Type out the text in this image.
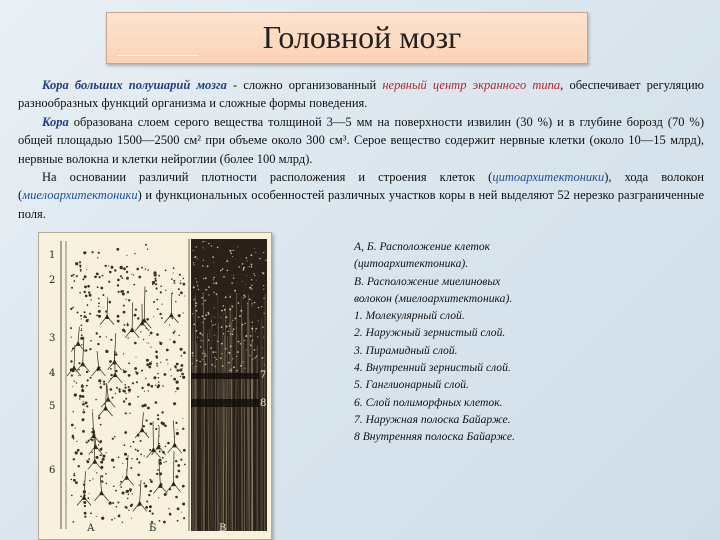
Головной мозг

Кора больших полушарий мозга - сложно организованный нервный центр экранного типа, обеспечивает регуляцию разнообразных функций организма и сложные формы поведения.

Кора образована слоем серого вещества толщиной 3—5 мм на поверхности извилин (30 %) и в глубине борозд (70 %) общей площадью 1500—2500 см² при объеме около 300 см³. Серое вещество содержит нервные клетки (около 10—15 млрд), нервные волокна и клетки нейроглии (более 100 млрд).

На основании различий плотности расположения и строения клеток (цитоархитектоники), хода волокон (миелоархитектоники) и функциональных особенностей различных участков коры в ней выделяют 52 нерезко разграниченные поля.

1
2
3
4
5
6
7
8
А	Б	В
А, Б. Расположение клеток
(цитоархитектоника).
В. Расположение миелиновых
волокон (миелоархитектоника).
1. Молекулярный слой.
2. Наружный зернистый слой.
3. Пирамидный слой.
4. Внутренний зернистый слой.
5. Ганглионарный слой.
6. Слой полиморфных клеток.
7. Наружная полоска Байарже.
8 Внутренняя полоска Байарже.
